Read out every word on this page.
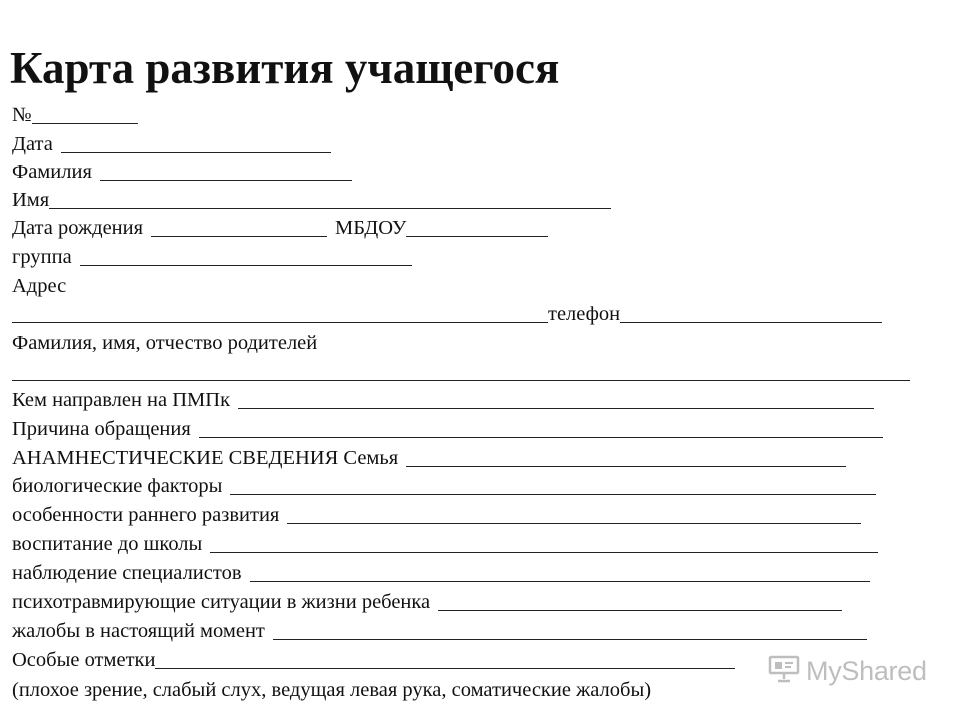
Карта развития учащегося
№
Дата
Фамилия
Имя
Дата рождения	МБДОУ
группа
Адрес
телефон
Фамилия, имя, отчество родителей
Кем направлен на ПМПк
Причина обращения
АНАМНЕСТИЧЕСКИЕ СВЕДЕНИЯ Семья
биологические факторы
особенности раннего развития
воспитание до школы
наблюдение специалистов
психотравмирующие ситуации в жизни ребенка
жалобы в настоящий момент
Особые отметки
(плохое зрение, слабый слух, ведущая левая рука, соматические жалобы)
MyShared
